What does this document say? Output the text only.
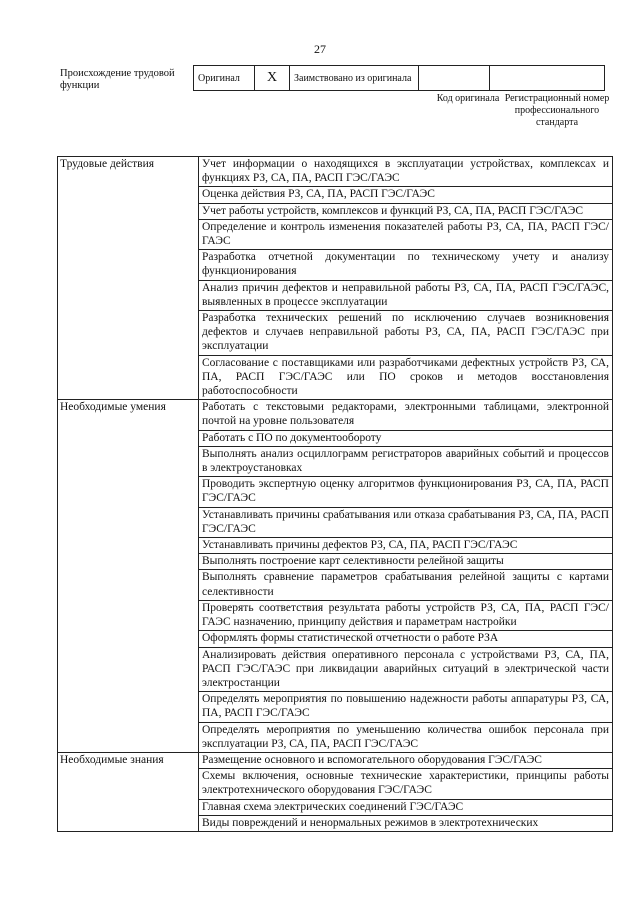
27
Происхождение трудовой функции
Оригинал	X	Заимствовано из оригинала		
Код оригинала Регистрационный номер профессионального стандарта
Трудовые действия	Учет информации о находящихся в эксплуатации устройствах, комплексах и функциях РЗ, СА, ПА, РАСП ГЭС/ГАЭС
	Оценка действия РЗ, СА, ПА, РАСП ГЭС/ГАЭС
	Учет работы устройств, комплексов и функций РЗ, СА, ПА, РАСП ГЭС/ГАЭС
	Определение и контроль изменения показателей работы РЗ, СА, ПА, РАСП ГЭС/ГАЭС
	Разработка отчетной документации по техническому учету и анализу функционирования
	Анализ причин дефектов и неправильной работы РЗ, СА, ПА, РАСП ГЭС/ГАЭС, выявленных в процессе эксплуатации
	Разработка технических решений по исключению случаев возникновения дефектов и случаев неправильной работы РЗ, СА, ПА, РАСП ГЭС/ГАЭС при эксплуатации
	Согласование с поставщиками или разработчиками дефектных устройств РЗ, СА, ПА, РАСП ГЭС/ГАЭС или ПО сроков и методов восстановления работоспособности
Необходимые умения	Работать с текстовыми редакторами, электронными таблицами, электронной почтой на уровне пользователя
	Работать с ПО по документообороту
	Выполнять анализ осциллограмм регистраторов аварийных событий и процессов в электроустановках
	Проводить экспертную оценку алгоритмов функционирования РЗ, СА, ПА, РАСП ГЭС/ГАЭС
	Устанавливать причины срабатывания или отказа срабатывания РЗ, СА, ПА, РАСП ГЭС/ГАЭС
	Устанавливать причины дефектов РЗ, СА, ПА, РАСП ГЭС/ГАЭС
	Выполнять построение карт селективности релейной защиты
	Выполнять сравнение параметров срабатывания релейной защиты с картами селективности
	Проверять соответствия результата работы устройств РЗ, СА, ПА, РАСП ГЭС/ГАЭС назначению, принципу действия и параметрам настройки
	Оформлять формы статистической отчетности о работе РЗА
	Анализировать действия оперативного персонала с устройствами РЗ, СА, ПА, РАСП ГЭС/ГАЭС при ликвидации аварийных ситуаций в электрической части электростанции
	Определять мероприятия по повышению надежности работы аппаратуры РЗ, СА, ПА, РАСП ГЭС/ГАЭС
	Определять мероприятия по уменьшению количества ошибок персонала при эксплуатации РЗ, СА, ПА, РАСП ГЭС/ГАЭС
Необходимые знания	Размещение основного и вспомогательного оборудования ГЭС/ГАЭС
	Схемы включения, основные технические характеристики, принципы работы электротехнического оборудования ГЭС/ГАЭС
	Главная схема электрических соединений ГЭС/ГАЭС
	Виды повреждений и ненормальных режимов в электротехнических
